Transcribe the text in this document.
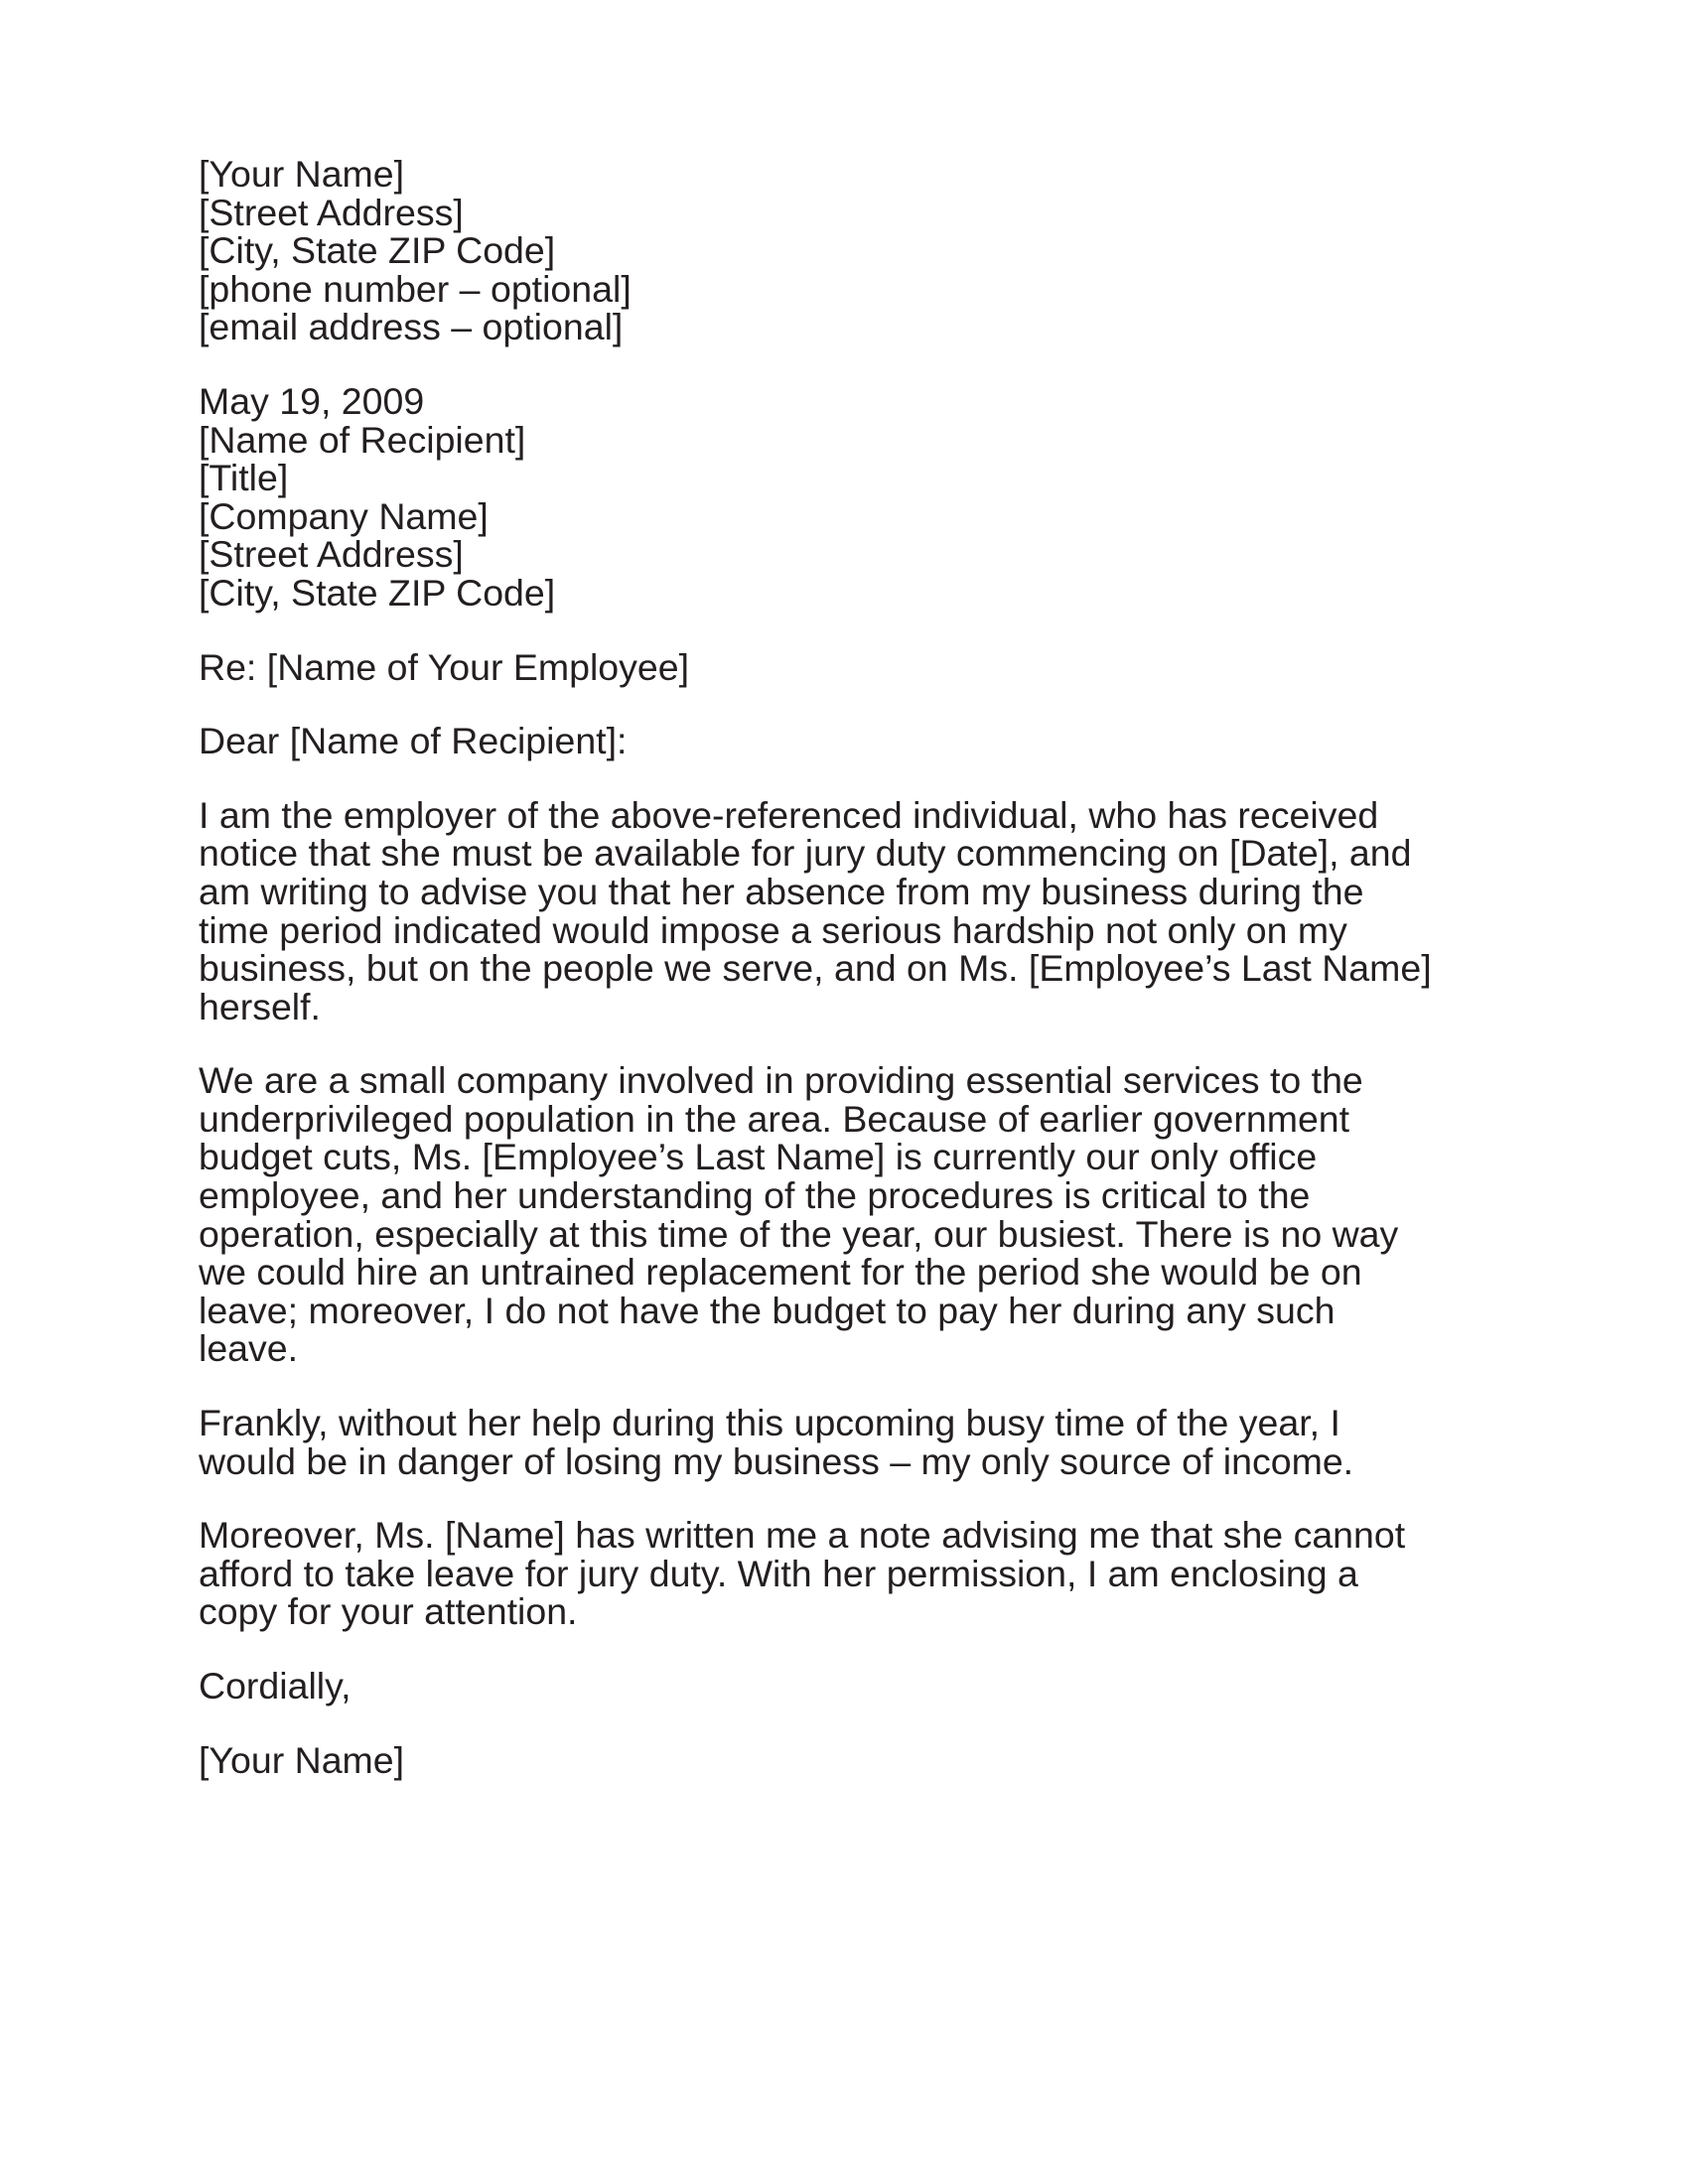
[Your Name]
[Street Address]
[City, State ZIP Code]
[phone number – optional]
[email address – optional]
May 19, 2009
[Name of Recipient]
[Title]
[Company Name]
[Street Address]
[City, State ZIP Code]
Re: [Name of Your Employee]
Dear [Name of Recipient]:
I am the employer of the above-referenced individual, who has received
notice that she must be available for jury duty commencing on [Date], and
am writing to advise you that her absence from my business during the
time period indicated would impose a serious hardship not only on my
business, but on the people we serve, and on Ms. [Employee’s Last Name]
herself.
We are a small company involved in providing essential services to the
underprivileged population in the area. Because of earlier government
budget cuts, Ms. [Employee’s Last Name] is currently our only office
employee, and her understanding of the procedures is critical to the
operation, especially at this time of the year, our busiest. There is no way
we could hire an untrained replacement for the period she would be on
leave; moreover, I do not have the budget to pay her during any such
leave.
Frankly, without her help during this upcoming busy time of the year, I
would be in danger of losing my business – my only source of income.
Moreover, Ms. [Name] has written me a note advising me that she cannot
afford to take leave for jury duty. With her permission, I am enclosing a
copy for your attention.
Cordially,
[Your Name]
